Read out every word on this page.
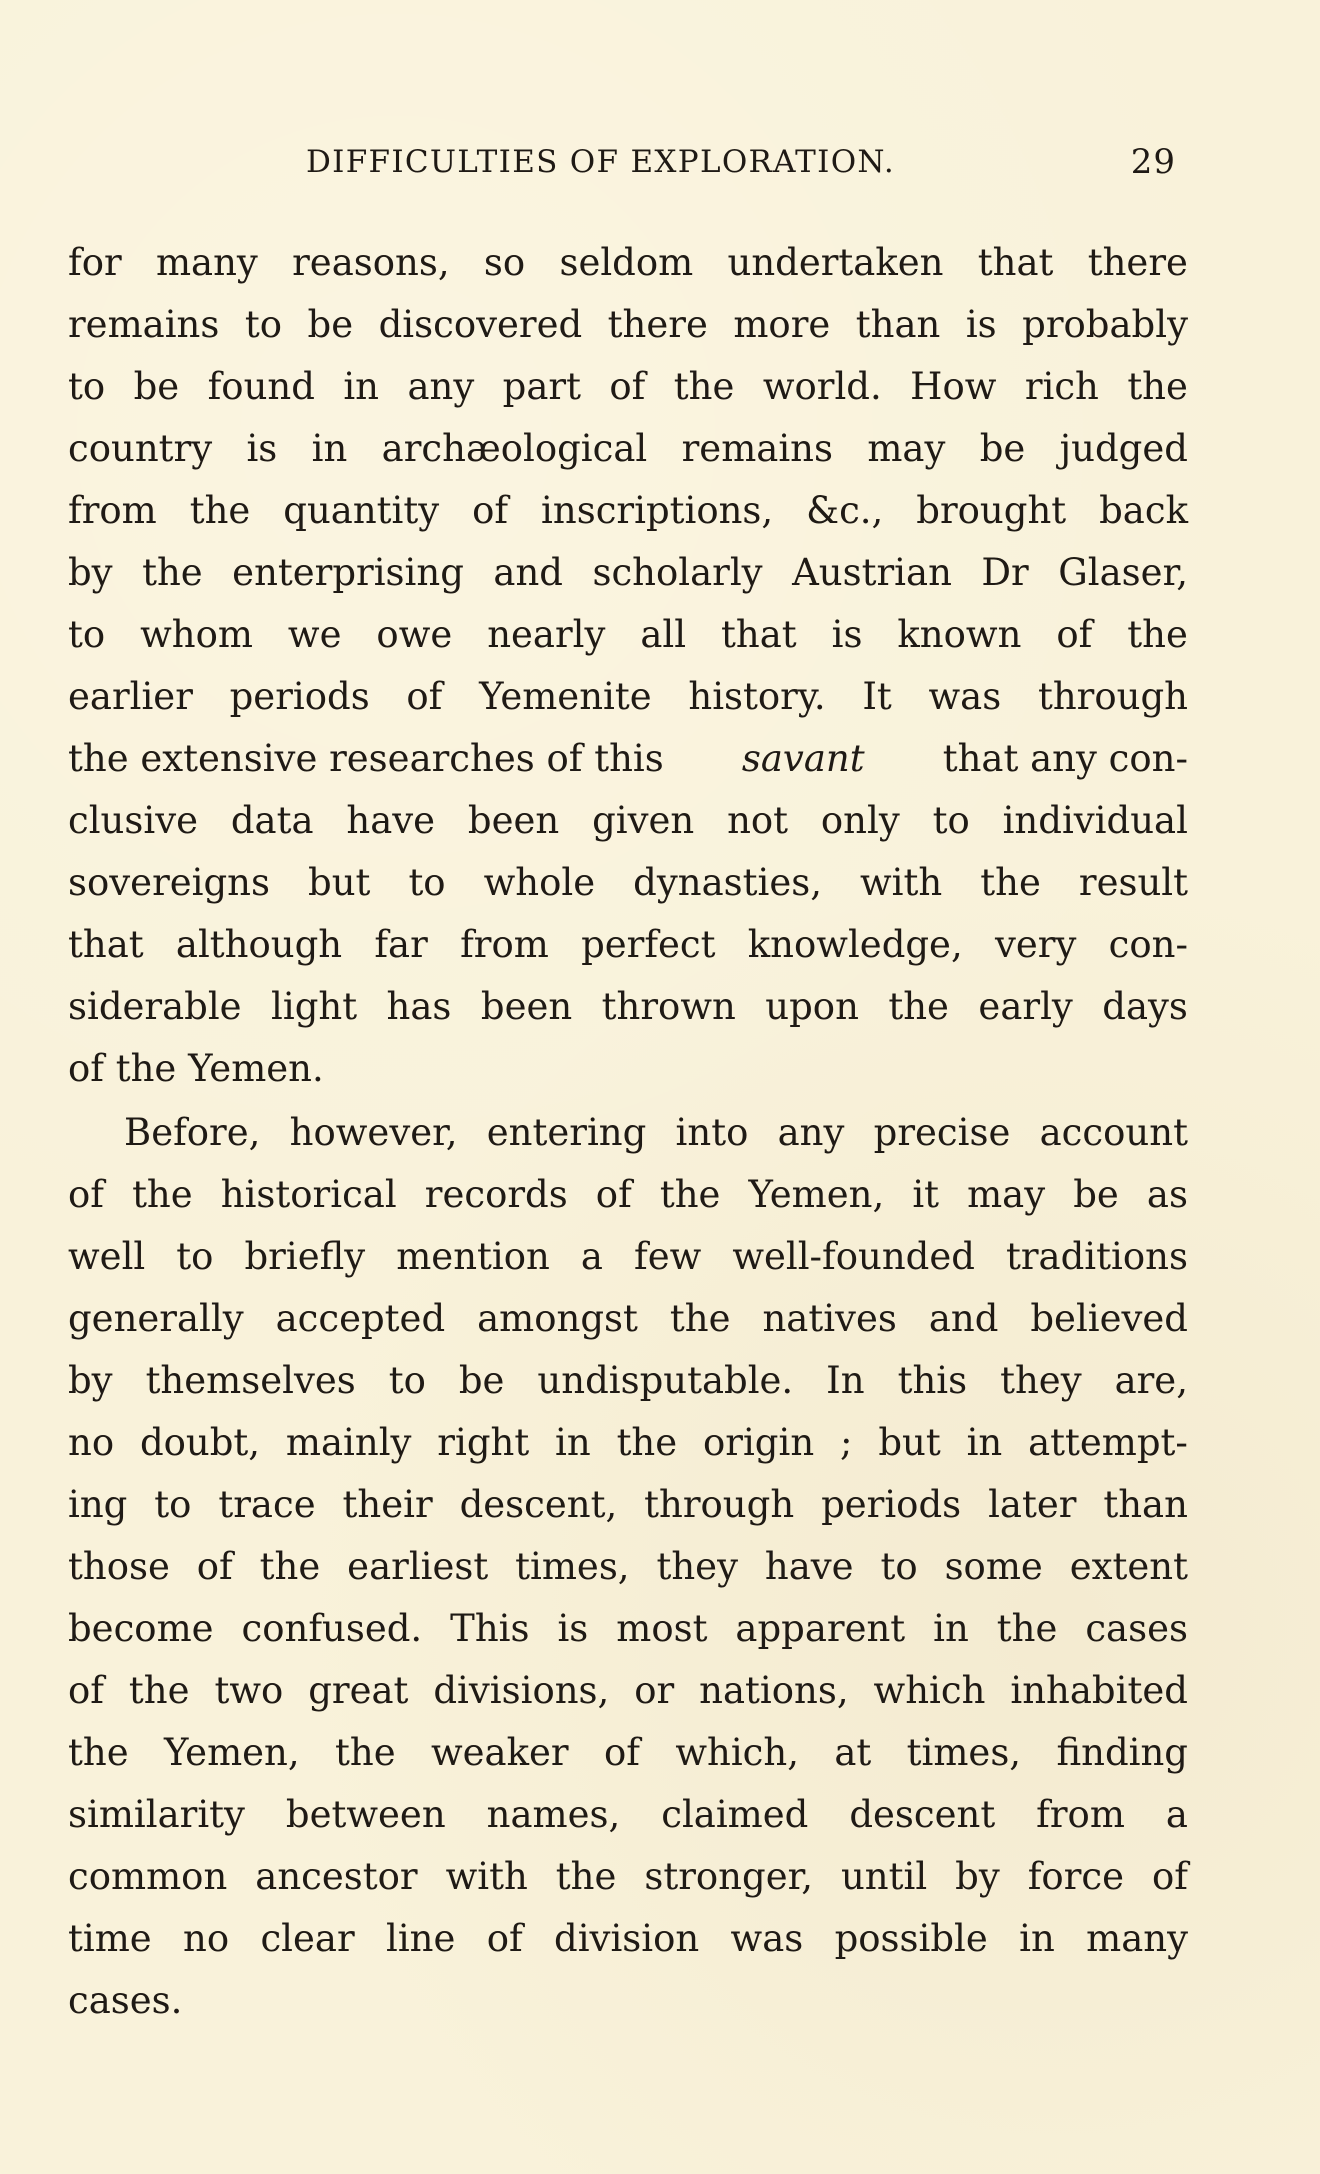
DIFFICULTIES OF EXPLORATION.	29
for many reasons, so seldom undertaken that there
remains to be discovered there more than is probably
to be found in any part of the world. How rich the
country is in archæological remains may be judged
from the quantity of inscriptions, &c., brought back
by the enterprising and scholarly Austrian Dr Glaser,
to whom we owe nearly all that is known of the
earlier periods of Yemenite history. It was through
the extensive researches of this savant that any con-
clusive data have been given not only to individual
sovereigns but to whole dynasties, with the result
that although far from perfect knowledge, very con-
siderable light has been thrown upon the early days
of the Yemen.
Before, however, entering into any precise account
of the historical records of the Yemen, it may be as
well to briefly mention a few well-founded traditions
generally accepted amongst the natives and believed
by themselves to be undisputable. In this they are,
no doubt, mainly right in the origin ; but in attempt-
ing to trace their descent, through periods later than
those of the earliest times, they have to some extent
become confused. This is most apparent in the cases
of the two great divisions, or nations, which inhabited
the Yemen, the weaker of which, at times, finding
similarity between names, claimed descent from a
common ancestor with the stronger, until by force of
time no clear line of division was possible in many
cases.
